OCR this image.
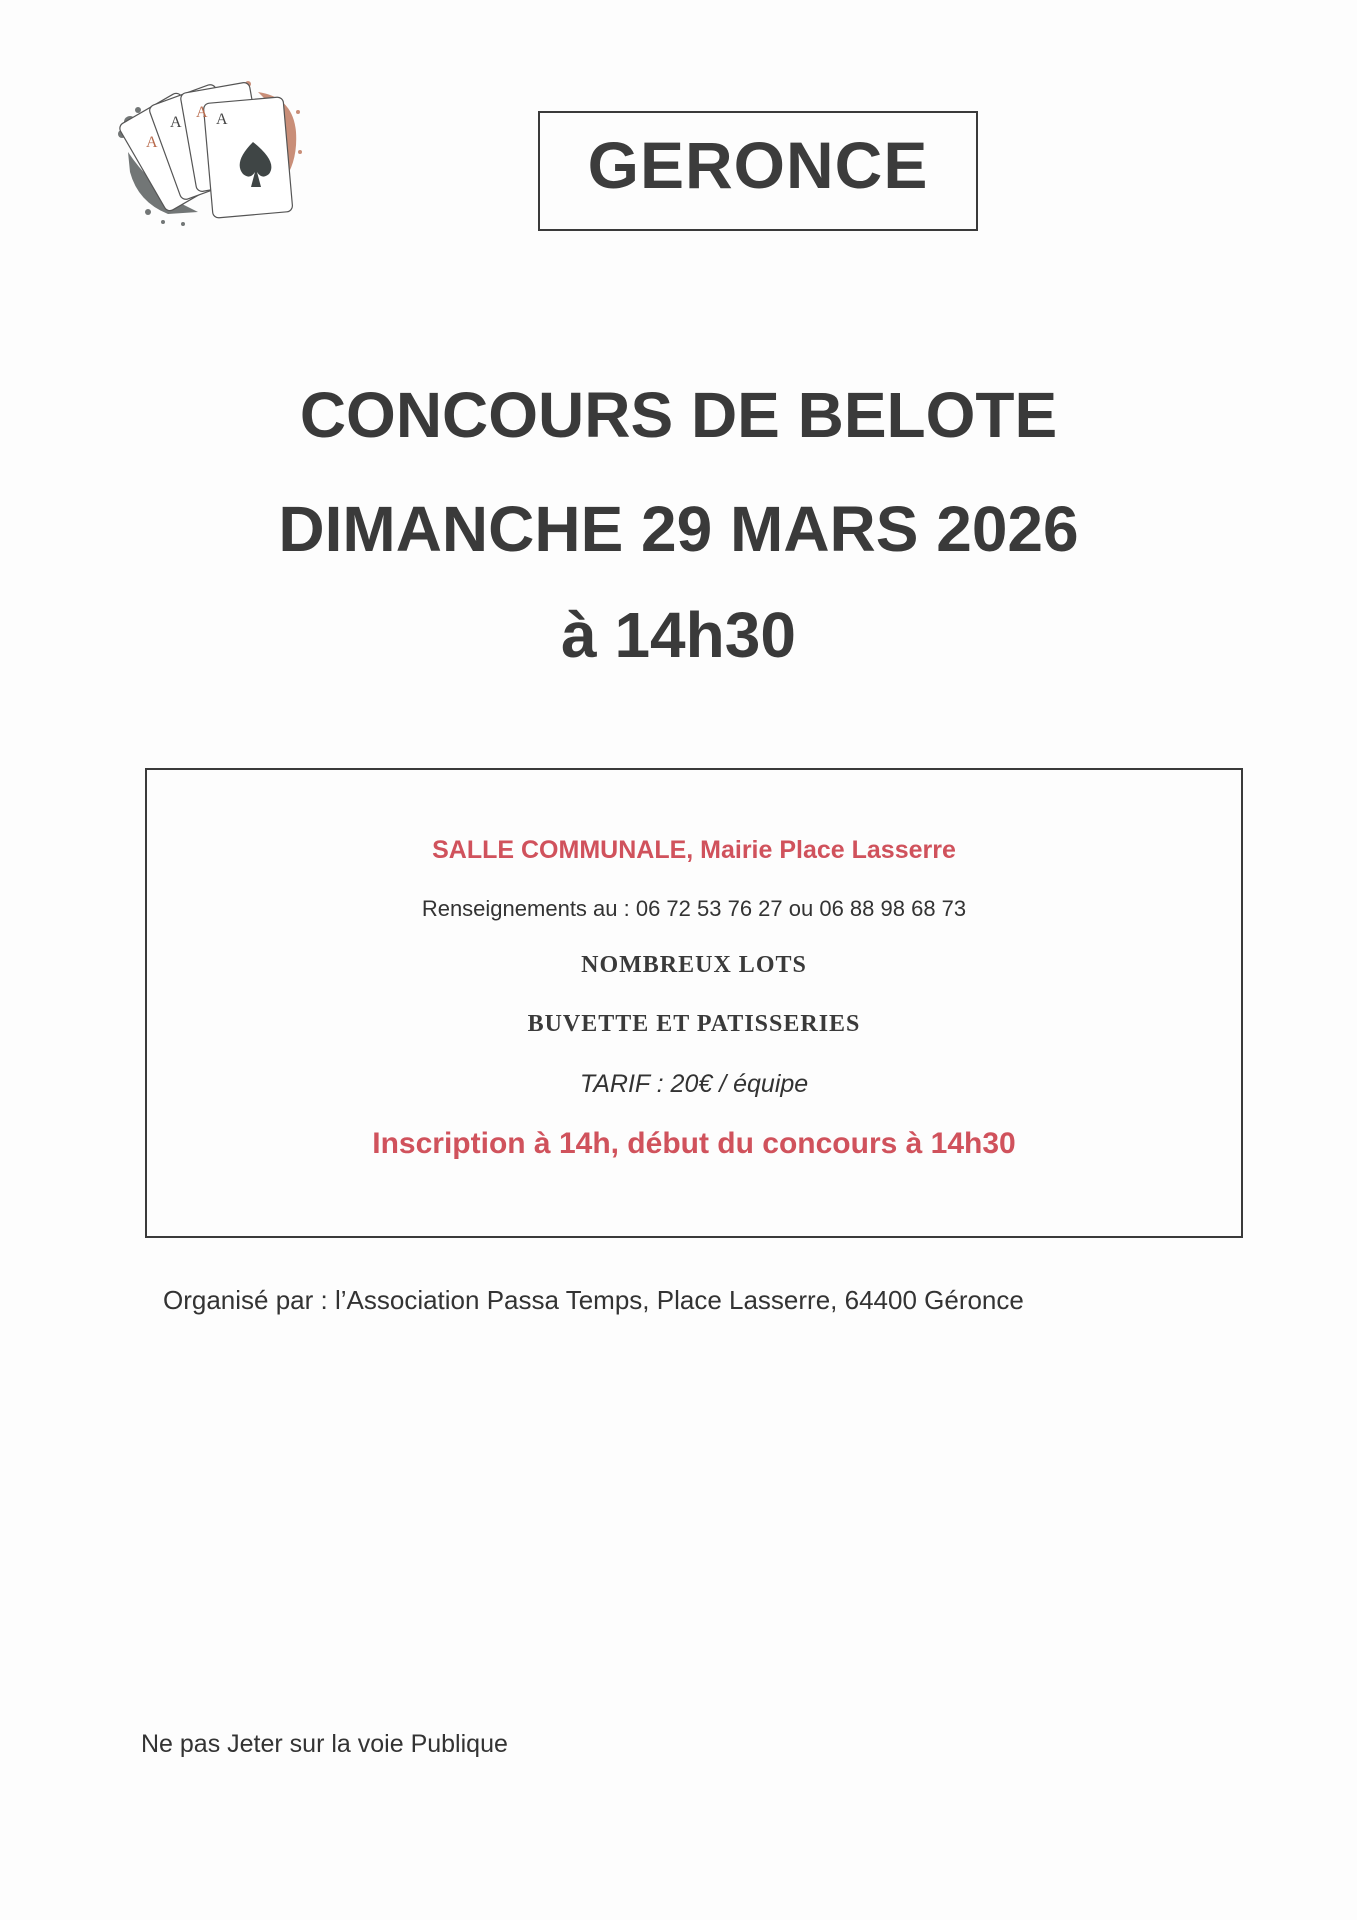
A
A
A A
GERONCE
CONCOURS DE BELOTE
DIMANCHE 29 MARS 2026
à 14h30
SALLE COMMUNALE, Mairie Place Lasserre
Renseignements au : 06 72 53 76 27 ou 06 88 98 68 73
NOMBREUX LOTS
BUVETTE ET PATISSERIES
TARIF : 20€ / équipe
Inscription à 14h, début du concours à 14h30
Organisé par : l’Association Passa Temps, Place Lasserre, 64400 Géronce
Ne pas Jeter sur la voie Publique
